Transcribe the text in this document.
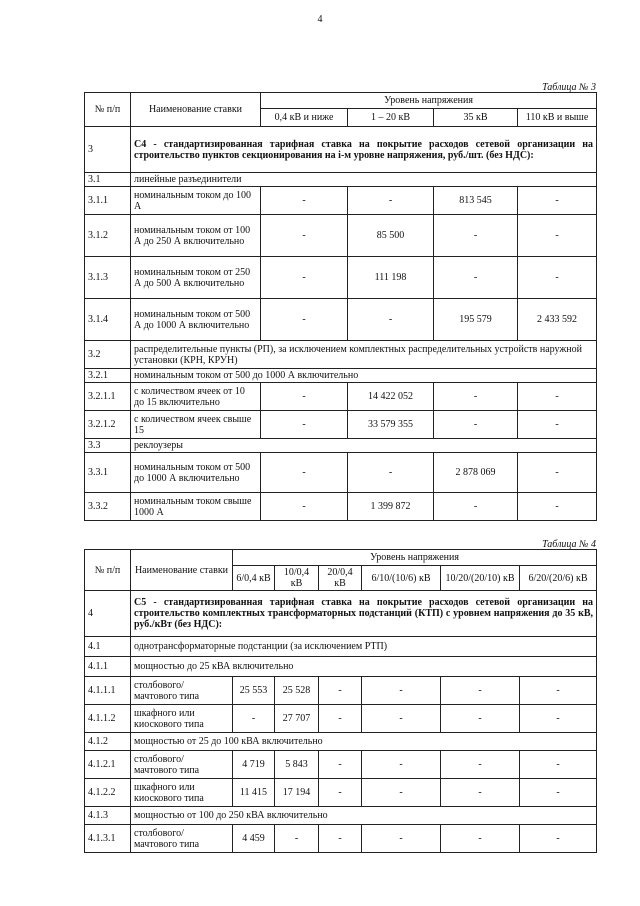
4
Таблица № 3
№ п/п	Наименование ставки	Уровень напряжения			
		0,4 кВ и ниже	1 – 20 кВ	35 кВ	110 кВ и выше
3	С4 - стандартизированная тарифная ставка на покрытие расходов сетевой организации на строительство пунктов секционирования на i-м уровне напряжения, руб./шт. (без НДС):				
3.1	линейные разъединители				
3.1.1	номинальным током до 100 А	-	-	813 545	-
3.1.2	номинальным током от 100 А до 250 А включительно	-	85 500	-	-
3.1.3	номинальным током от 250 А до 500 А включительно	-	111 198	-	-
3.1.4	номинальным током от 500 А до 1000 А включительно	-	-	195 579	2 433 592
3.2	распределительные пункты (РП), за исключением комплектных распределительных устройств наружной установки (КРН, КРУН)				
3.2.1	номинальным током от 500 до 1000 А включительно				
3.2.1.1	с количеством ячеек от 10 до 15 включительно	-	14 422 052	-	-
3.2.1.2	с количеством ячеек свыше 15	-	33 579 355	-	-
3.3	реклоузеры				
3.3.1	номинальным током от 500 до 1000 А включительно	-	-	2 878 069	-
3.3.2	номинальным током свыше 1000 А	-	1 399 872	-	-
Таблица № 4
№ п/п	Наименование ставки	Уровень напряжения					
		6/0,4 кВ	10/0,4 кВ	20/0,4 кВ	6/10/(10/6) кВ	10/20/(20/10) кВ	6/20/(20/6) кВ
4	С5 - стандартизированная тарифная ставка на покрытие расходов сетевой организации на строительство комплектных трансформаторных подстанций (КТП) с уровнем напряжения до 35 кВ, руб./кВт (без НДС):						
4.1	однотрансформаторные подстанции (за исключением РТП)						
4.1.1	мощностью до 25 кВА включительно						
4.1.1.1	столбового/ мачтового типа	25 553	25 528	-	-	-	-
4.1.1.2	шкафного или киоскового типа	-	27 707	-	-	-	-
4.1.2	мощностью от 25 до 100 кВА включительно						
4.1.2.1	столбового/ мачтового типа	4 719	5 843	-	-	-	-
4.1.2.2	шкафного или киоскового типа	11 415	17 194	-	-	-	-
4.1.3	мощностью от 100 до 250 кВА включительно						
4.1.3.1	столбового/ мачтового типа	4 459	-	-	-	-	-
